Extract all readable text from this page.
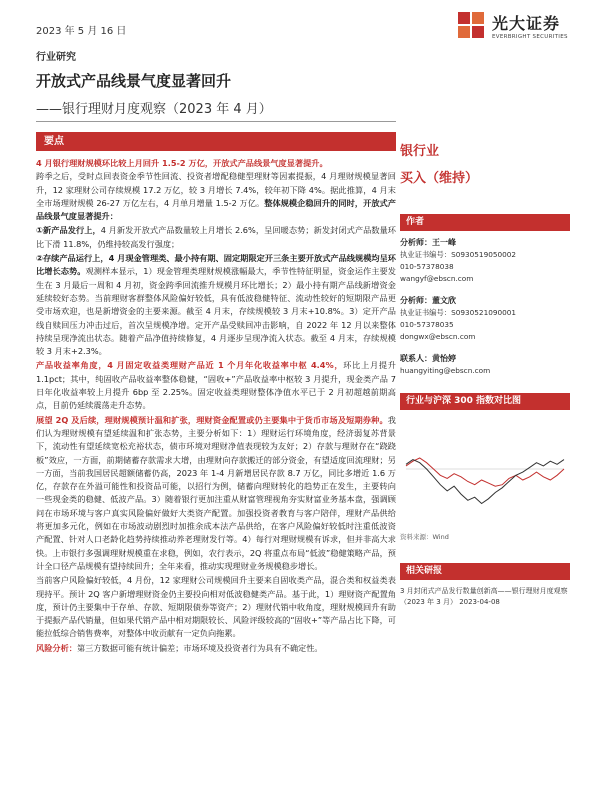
2023 年 5 月 16 日	光大证券
EVERBRIGHT SECURITIES
行业研究
开放式产品线景气度显著回升
——银行理财月度观察（2023 年 4 月）
要点

4 月银行理财规模环比较上月回升 1.5-2 万亿，开放式产品线景气度显著提升。
跨季之后，受时点回表资金季节性回流、投资者增配稳健型理财等因素提振，4 月理财规模显著回升，12 家理财公司存续规模 17.2 万亿，较 3 月增长 7.4%，较年初下降 4%。据此推算，4 月末全市场理财规模 26-27 万亿左右，4 月单月增量 1.5-2 万亿。整体规模企稳回升的同时，开放式产品线景气度显著提升：

①新产品发行上，4 月新发开放式产品数量较上月增长 2.6%，呈回暖态势；新发封闭式产品数量环比下滑 11.8%，仍维持较高发行强度；

②存续产品运行上，4 月现金管理类、最小持有期、固定期限定开三条主要开放式产品线规模均呈环比增长态势。观测样本显示，1）现金管理类理财规模涨幅最大，季节性特征明显，资金运作主要发生在 3 月最后一周和 4 月初，资金跨季回流推升规模月环比增长；2）最小持有期产品线新增资金延续较好态势。当前理财客群整体风险偏好较低，具有低波稳健特征、流动性较好的短期限产品更受市场欢迎，也是新增资金的主要来源。截至 4 月末，存续规模较 3 月末+10.8%。3）定开产品线自赎回压力冲击过后，首次呈规模净增。定开产品受赎回冲击影响，自 2022 年 12 月以来整体持续呈现净流出状态。随着产品净值持续修复，4 月逐步呈现净流入状态。截至 4 月末，存续规模较 3 月末+2.3%。

产品收益率角度，4 月固定收益类理财产品近 1 个月年化收益率中枢 4.4%，环比上月提升 1.1pct；其中，纯固收产品收益率整体稳健，“固收+”产品收益率中枢较 3 月提升，现金类产品 7 日年化收益率较上月提升 6bp 至 2.25%。固定收益类理财整体净值水平已于 2 月初超越前期高点，目前仍延续震荡走升态势。

展望 2Q 及后续，理财规模预计温和扩张，理财资金配置或仍主要集中于货币市场及短期券种。我们认为理财规模有望延续温和扩张态势，主要分析如下：1）理财运行环境角度，经济弱复苏背景下，流动性有望延续宽松充裕状态，债市环境对理财净值表现较为友好；2）存款与理财存在“跷跷板”效应，一方面，前期储蓄存款需求大增，由理财向存款搬迁的部分资金，有望适度回流理财；另一方面，当前我国居民超额储蓄仍高，2023 年 1-4 月新增居民存款 8.7 万亿，同比多增近 1.6 万亿，存款存在外溢可能性和投资品可能，以招行为例，储蓄向理财转化的趋势正在发生，主要转向一些现金类的稳健、低波产品。3）随着银行更加注重从财富管理视角夯实财富业务基本盘，强调顾问在市场环境与客户真实风险偏好做好大类资产配置。加强投资者教育与客户陪伴，理财产品供给将更加多元化，例如在市场波动剧烈时加推余成本法产品供给，在客户风险偏好较低时注重低波资产配置、针对人口老龄化趋势持续推动养老理财发行等。4）每行对理财规模有诉求，但并非高大求快。上市银行多强调理财规模重在求稳，例如，农行表示，2Q 将重点布局“低波”稳健策略产品，预计全口径产品规模有望持续回升；全年来看，推动实现理财业务规模稳步增长。

当前客户风险偏好较低，4 月份，12 家理财公司规模回升主要来自固收类产品，混合类和权益类表现持平。预计 2Q 客户新增理财资金仍主要投向相对低波稳健类产品。基于此，1）理财资产配置角度，预计仍主要集中于存单、存款、短期限债券等资产；2）理财代销中收角度，理财规模回升有助于提振产品代销量，但如果代销产品中相对期限较长、风险评级较高的“固收+”等产品占比下降，可能拉低综合销售费率，对整体中收贡献有一定负向拖累。

风险分析：第三方数据可能有统计偏差；市场环境及投资者行为具有不确定性。

银行业
买入（维持）
作者
分析师：王一峰
执业证书编号：S0930519050002
010-57378038
wangyf@ebscn.com
分析师：董文欣
执业证书编号：S0930521090001
010-57378035
dongwx@ebscn.com
联系人：黄怡婷
huangyiting@ebscn.com
行业与沪深 300 指数对比图
资料来源：Wind
相关研报
3 月封闭式产品发行数量创新高——银行理财月度观察（2023 年 3 月） 2023-04-08
